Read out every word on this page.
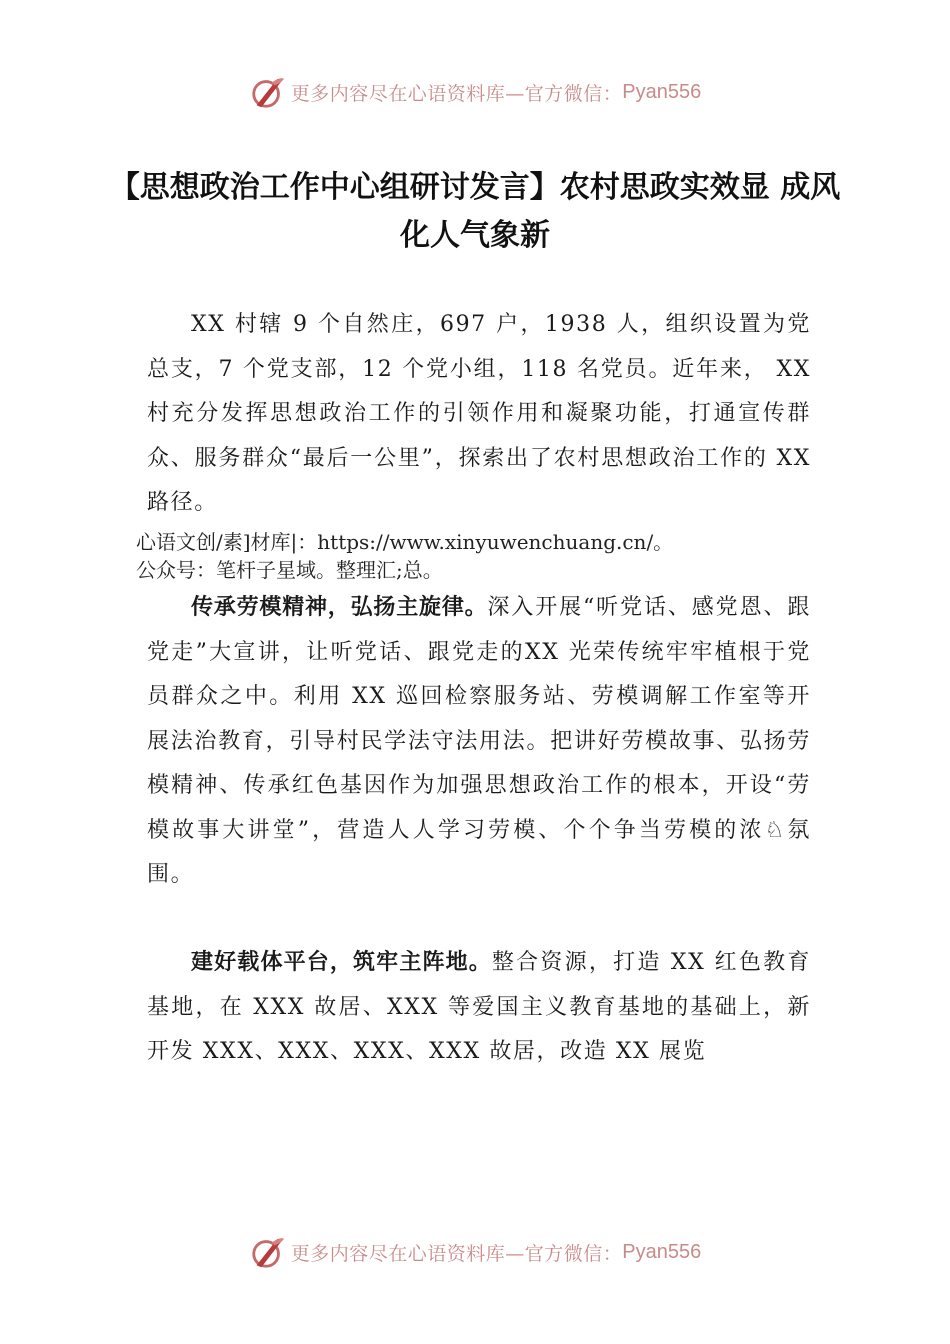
更多内容尽在心语资料库—官方微信： Pyan556
【思想政治工作中心组研讨发言】农村思政实效显 成风化人气象新
XX 村辖 9 个自然庄，697 户，1938 人，组织设置为党总支，7 个党支部，12 个党小组，118 名党员。近年来， XX 村充分发挥思想政治工作的引领作用和凝聚功能，打通宣传群众、服务群众“最后一公里”，探索出了农村思想政治工作的 XX 路径。
心语文创/素]材库|：https://www.xinyuwenchuang.cn/。
公众号：笔杆子星域。整理汇;总。
传承劳模精神，弘扬主旋律。深入开展“听党话、感党恩、跟党走”大宣讲，让听党话、跟党走的XX 光荣传统牢牢植根于党员群众之中。利用 XX 巡回检察服务站、劳模调解工作室等开展法治教育，引导村民学法守法用法。把讲好劳模故事、弘扬劳模精神、传承红色基因作为加强思想政治工作的根本，开设“劳模故事大讲堂”，营造人人学习劳模、个个争当劳模的浓♘氛围。
建好载体平台，筑牢主阵地。整合资源，打造 XX 红色教育基地，在 XXX 故居、XXX 等爱国主义教育基地的基础上，新开发 XXX、XXX、XXX、XXX 故居，改造 XX 展览
更多内容尽在心语资料库—官方微信： Pyan556
